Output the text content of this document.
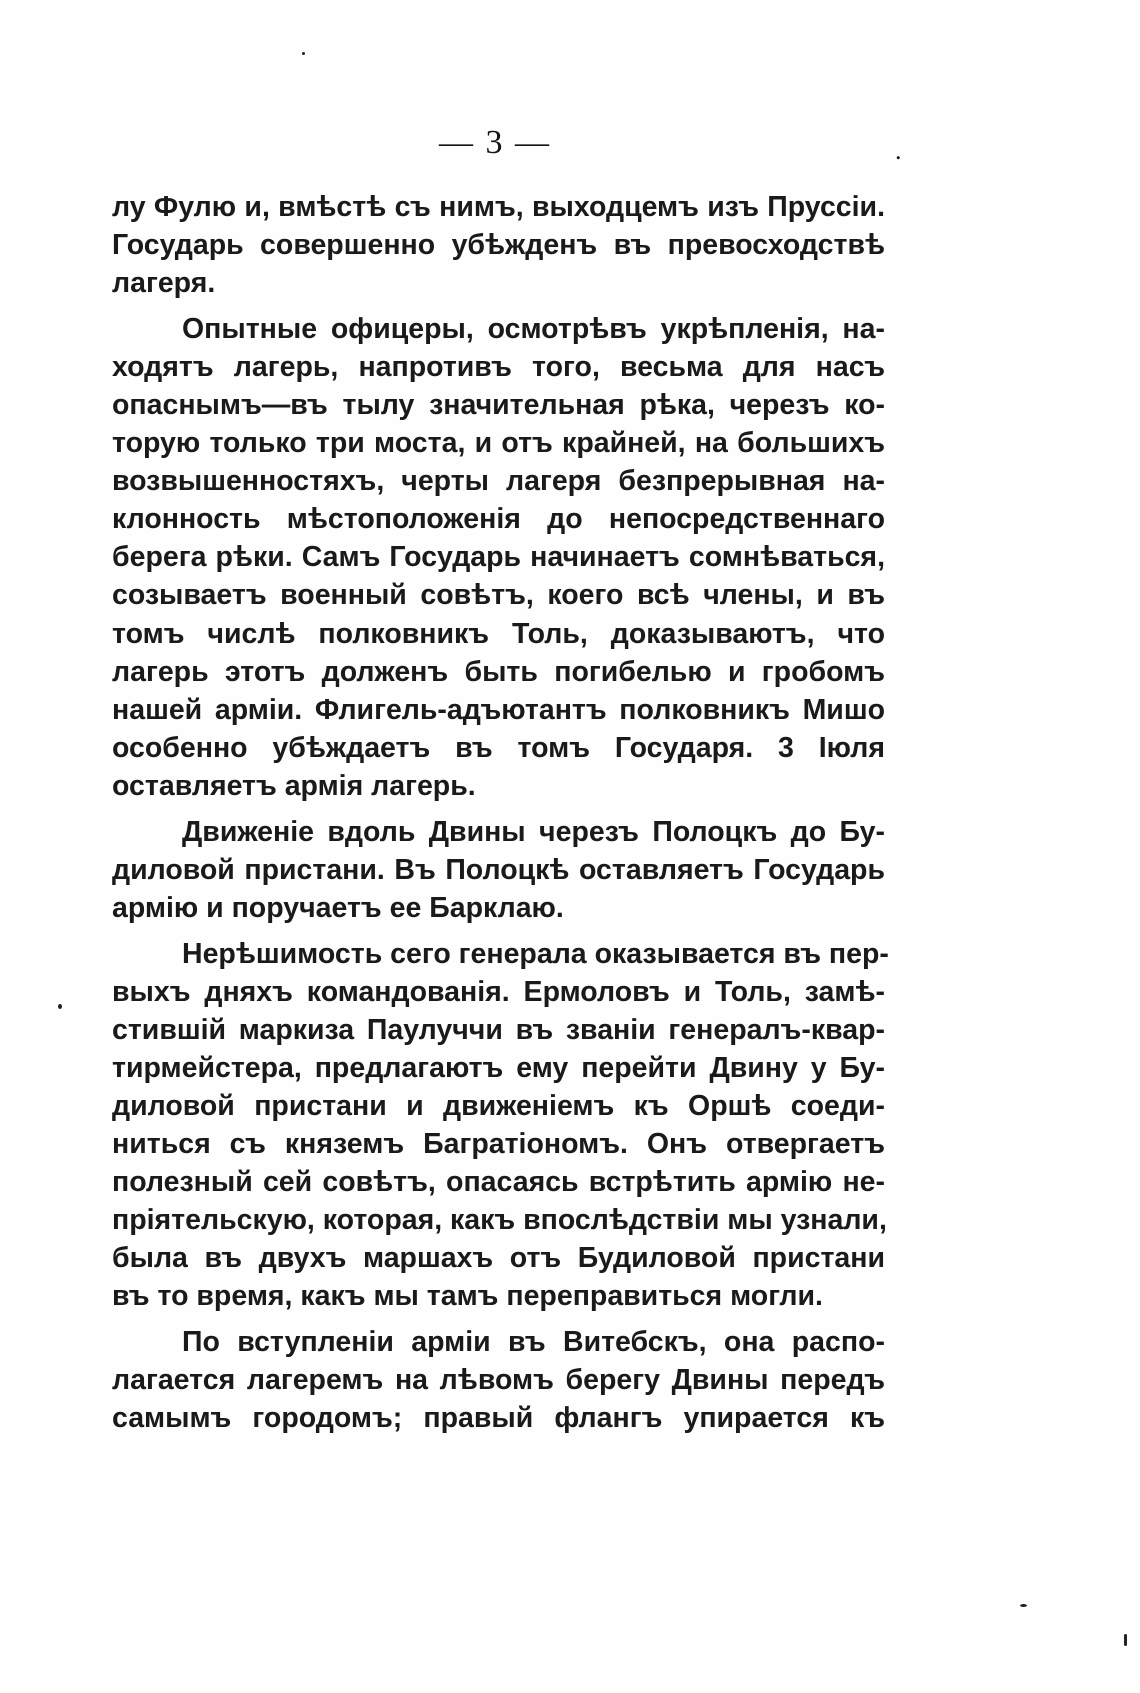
— 3 —	.
лу Фулю и, вмѣстѣ съ нимъ, выходцемъ изъ Пруссіи.
Государь совершенно убѣжденъ въ превосходствѣ
лагеря.
Опытные офицеры, осмотрѣвъ укрѣпленія, на-
ходятъ лагерь, напротивъ того, весьма для насъ
опаснымъ—въ тылу значительная рѣка, черезъ ко-
торую только три моста, и отъ крайней, на большихъ
возвышенностяхъ, черты лагеря безпрерывная на-
клонность мѣстоположенія до непосредственнаго
берега рѣки. Самъ Государь начинаетъ сомнѣваться,
созываетъ военный совѣтъ, коего всѣ члены, и въ
томъ числѣ полковникъ Толь, доказываютъ, что
лагерь этотъ долженъ быть погибелью и гробомъ
нашей арміи. Флигель-адъютантъ полковникъ Мишо
особенно убѣждаетъ въ томъ Государя. 3 Іюля
оставляетъ армія лагерь.
Движеніе вдоль Двины черезъ Полоцкъ до Бу-
диловой пристани. Въ Полоцкѣ оставляетъ Государь
армію и поручаетъ ее Барклаю.
Нерѣшимость сего генерала оказывается въ пер-
выхъ дняхъ командованія. Ермоловъ и Толь, замѣ-
стившій маркиза Паулуччи въ званіи генералъ-квар-
тирмейстера, предлагаютъ ему перейти Двину у Бу-
диловой пристани и движеніемъ къ Оршѣ соеди-
ниться съ княземъ Багратіономъ. Онъ отвергаетъ
полезный сей совѣтъ, опасаясь встрѣтить армію не-
пріятельскую, которая, какъ впослѣдствіи мы узнали,
была въ двухъ маршахъ отъ Будиловой пристани
въ то время, какъ мы тамъ переправиться могли.
По вступленіи арміи въ Витебскъ, она распо-
лагается лагеремъ на лѣвомъ берегу Двины передъ
самымъ городомъ; правый флангъ упирается къ
